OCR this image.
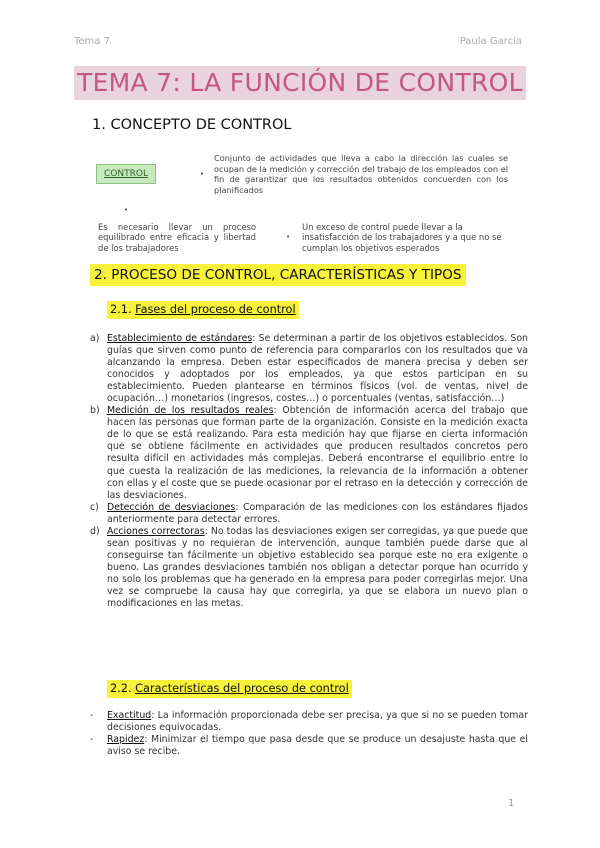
Tema 7	Paula García
TEMA 7: LA FUNCIÓN DE CONTROL
1. CONCEPTO DE CONTROL
CONTROL	•
Conjunto de actividades que lleva a cabo la dirección las cuales se ocupan de la medición y corrección del trabajo de los empleados con el fin de garantizar que los resultados obtenidos concuerden con los planificados
•
•
Es necesario llevar un proceso equilibrado entre eficacia y libertad de los trabajadores
Un exceso de control puede llevar a la insatisfacción de los trabajadores y a que no se cumplan los objetivos esperados
2. PROCESO DE CONTROL, CARACTERÍSTICAS Y TIPOS
2.1. Fases del proceso de control
a) Establecimiento de estándares: Se determinan a partir de los objetivos establecidos. Son guías que sirven como punto de referencia para compararlos con los resultados que va alcanzando la empresa. Deben estar especificados de manera precisa y deben ser conocidos y adoptados por los empleados, ya que estos participan en su establecimiento. Pueden plantearse en términos físicos (vol. de ventas, nivel de ocupación…) monetarios (ingresos, costes…) o porcentuales (ventas, satisfacción…)
b) Medición de los resultados reales: Obtención de información acerca del trabajo que hacen las personas que forman parte de la organización. Consiste en la medición exacta de lo que se está realizando. Para esta medición hay que fijarse en cierta información que se obtiene fácilmente en actividades que producen resultados concretos pero resulta difícil en actividades más complejas. Deberá encontrarse el equilibrio entre lo que cuesta la realización de las mediciones, la relevancia de la información a obtener con ellas y el coste que se puede ocasionar por el retraso en la detección y corrección de las desviaciones.
c) Detección de desviaciones: Comparación de las mediciones con los estándares fijados anteriormente para detectar errores.
d) Acciones correctoras: No todas las desviaciones exigen ser corregidas, ya que puede que sean positivas y no requieran de intervención, aunque también puede darse que al conseguirse tan fácilmente un objetivo establecido sea porque este no era exigente o bueno. Las grandes desviaciones también nos obligan a detectar porque han ocurrido y no solo los problemas que ha generado en la empresa para poder corregirlas mejor. Una vez se compruebe la causa hay que corregirla, ya que se elabora un nuevo plan o modificaciones en las metas.
2.2. Características del proceso de control
- Exactitud: La información proporcionada debe ser precisa, ya que si no se pueden tomar decisiones equivocadas.
- Rapidez: Minimizar el tiempo que pasa desde que se produce un desajuste hasta que el aviso se recibe.
1
